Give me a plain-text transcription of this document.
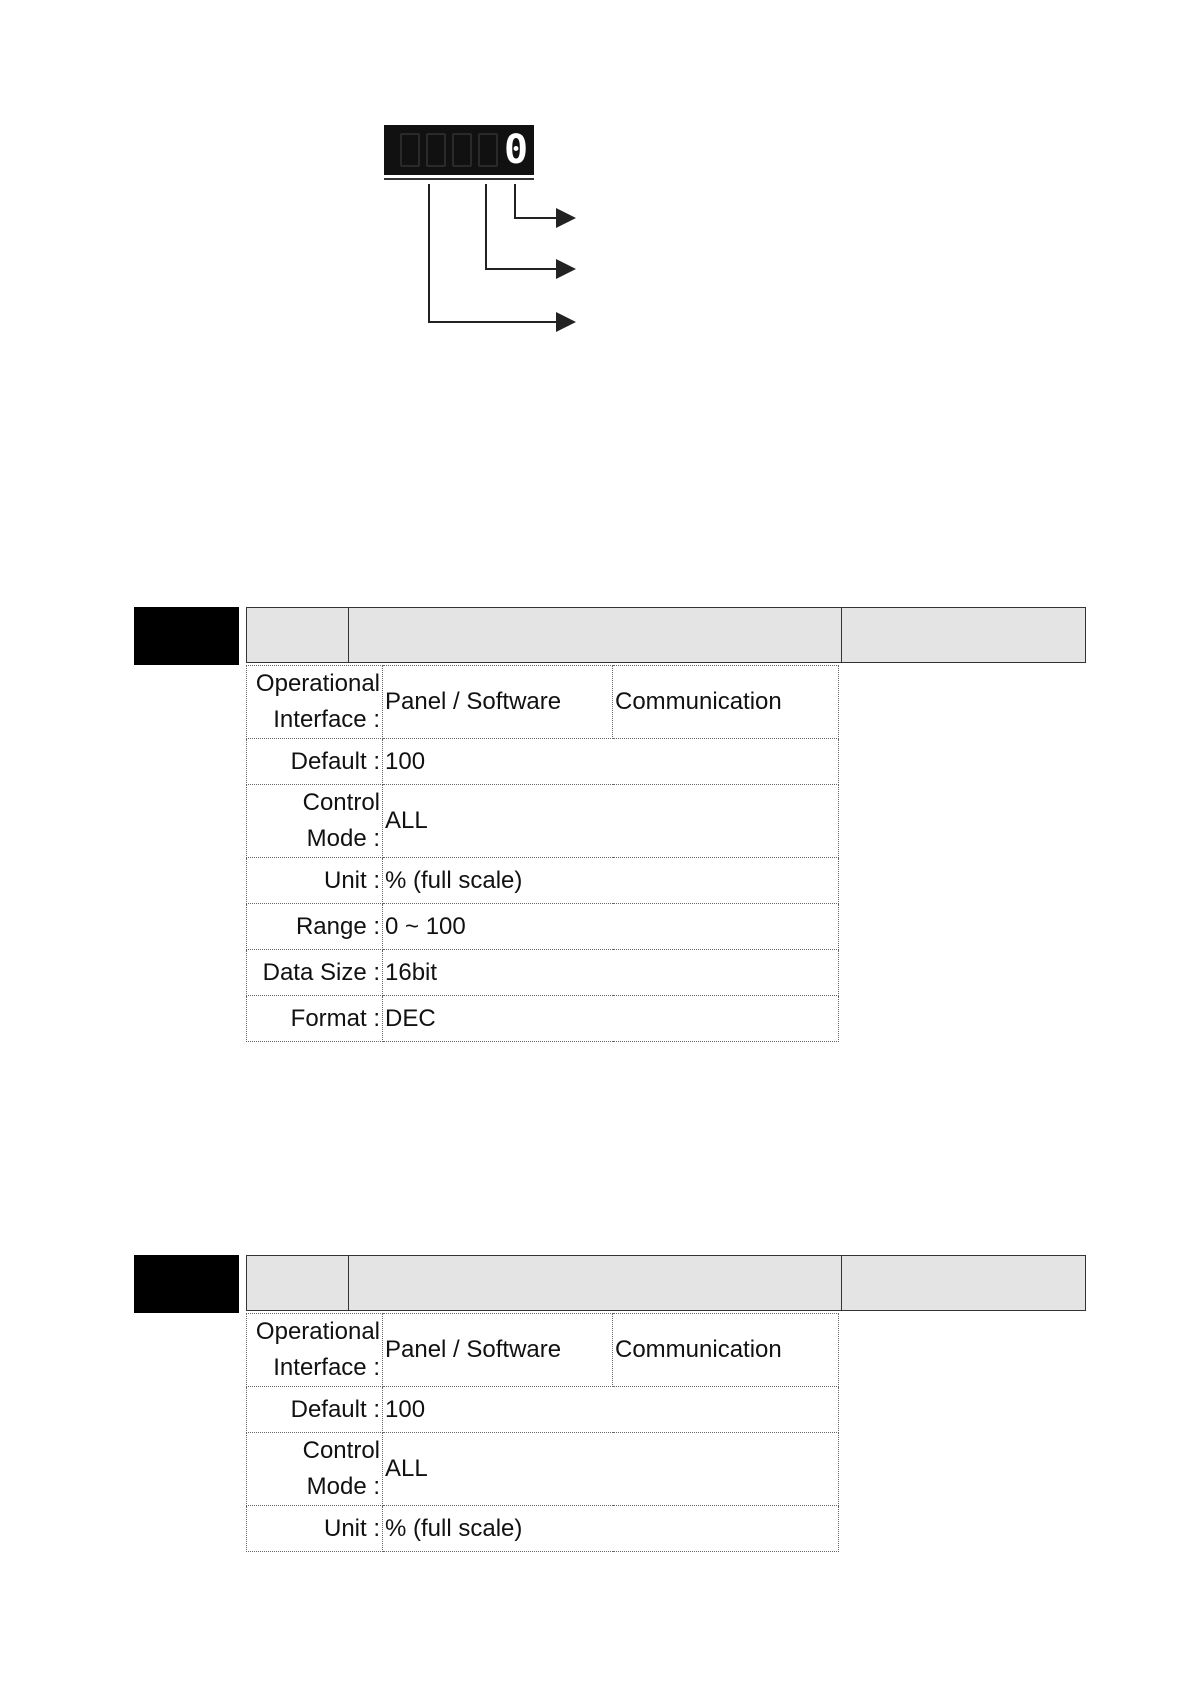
0
Operational Interface :	Panel / Software	Communication
Default :	100	
Control Mode :	ALL	
Unit :	% (full scale)	
Range :	0 ~ 100	
Data Size :	16bit	
Format :	DEC	
Operational Interface :	Panel / Software	Communication
Default :	100	
Control Mode :	ALL	
Unit :	% (full scale)	
